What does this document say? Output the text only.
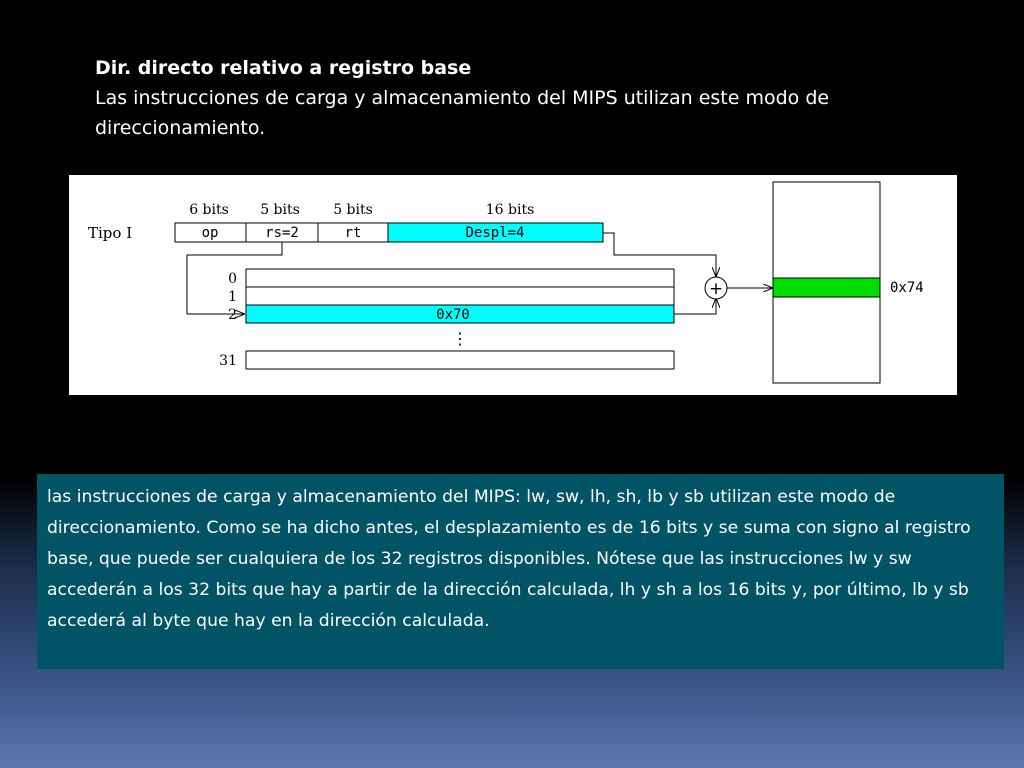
Dir. directo relativo a registro base
Las instrucciones de carga y almacenamiento del MIPS utilizan este modo de direccionamiento.
6 bits 5 bits 5 bits	16 bits
Tipo I	op	rs=2	rt	Despl=4
0
1
2
31
0x70
⋮
+	0x74
las instrucciones de carga y almacenamiento del MIPS: lw, sw, lh, sh, lb y sb utilizan este modo de direccionamiento. Como se ha dicho antes, el desplazamiento es de 16 bits y se suma con signo al registro base, que puede ser cualquiera de los 32 registros disponibles. Nótese que las instrucciones lw y sw accederán a los 32 bits que hay a partir de la dirección calculada, lh y sh a los 16 bits y, por último, lb y sb accederá al byte que hay en la dirección calculada.
